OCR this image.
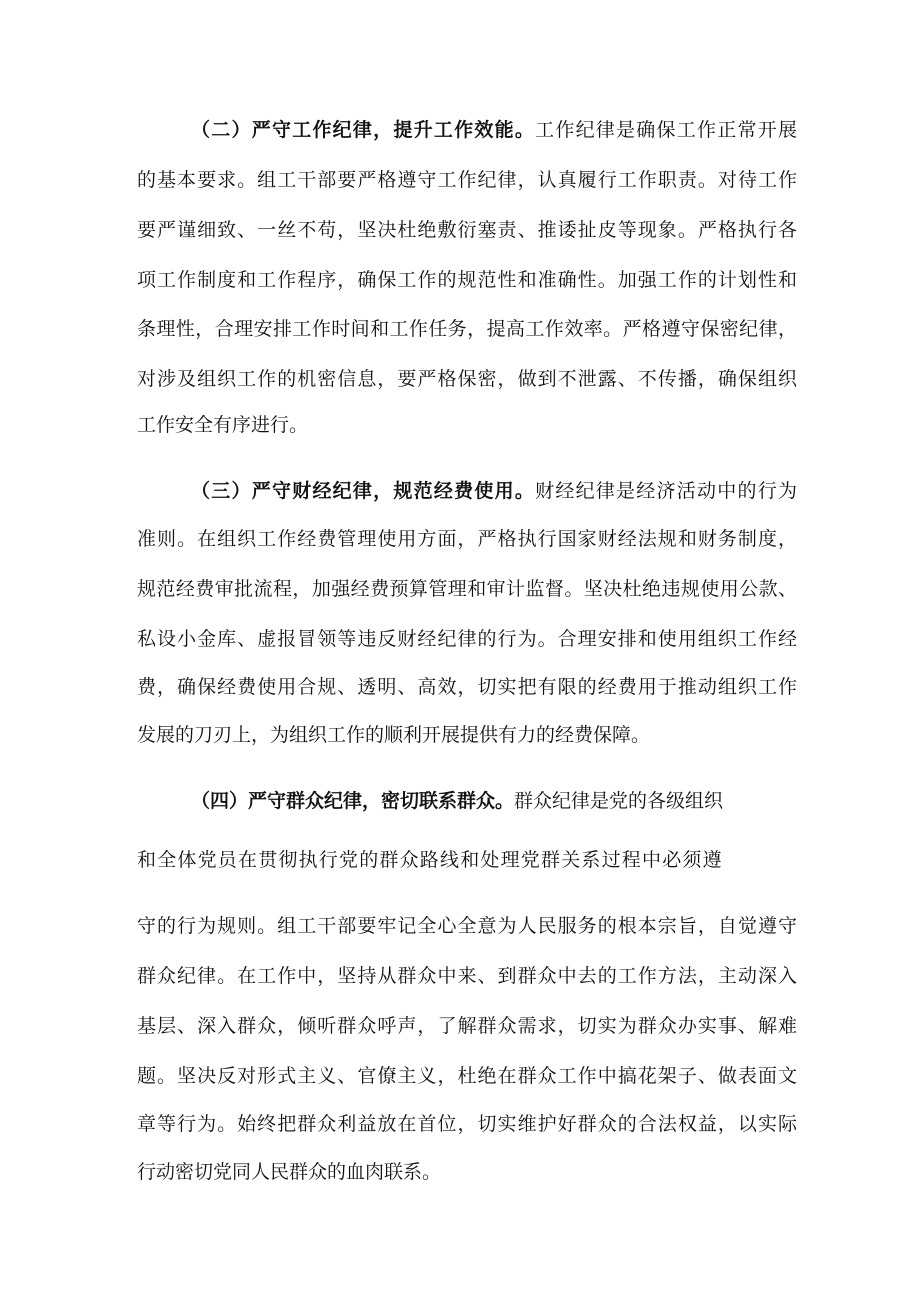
（二）严守工作纪律，提升工作效能。工作纪律是确保工作正常开展
的基本要求。组工干部要严格遵守工作纪律，认真履行工作职责。对待工作
要严谨细致、一丝不苟，坚决杜绝敷衍塞责、推诿扯皮等现象。严格执行各
项工作制度和工作程序，确保工作的规范性和准确性。加强工作的计划性和
条理性，合理安排工作时间和工作任务，提高工作效率。严格遵守保密纪律，
对涉及组织工作的机密信息，要严格保密，做到不泄露、不传播，确保组织
工作安全有序进行。
（三）严守财经纪律，规范经费使用。财经纪律是经济活动中的行为
准则。在组织工作经费管理使用方面，严格执行国家财经法规和财务制度，
规范经费审批流程，加强经费预算管理和审计监督。坚决杜绝违规使用公款、
私设小金库、虚报冒领等违反财经纪律的行为。合理安排和使用组织工作经
费，确保经费使用合规、透明、高效，切实把有限的经费用于推动组织工作
发展的刀刃上，为组织工作的顺利开展提供有力的经费保障。
（四）严守群众纪律，密切联系群众。群众纪律是党的各级组织
和全体党员在贯彻执行党的群众路线和处理党群关系过程中必须遵
守的行为规则。组工干部要牢记全心全意为人民服务的根本宗旨，自觉遵守
群众纪律。在工作中，坚持从群众中来、到群众中去的工作方法，主动深入
基层、深入群众，倾听群众呼声，了解群众需求，切实为群众办实事、解难
题。坚决反对形式主义、官僚主义，杜绝在群众工作中搞花架子、做表面文
章等行为。始终把群众利益放在首位，切实维护好群众的合法权益，以实际
行动密切党同人民群众的血肉联系。
